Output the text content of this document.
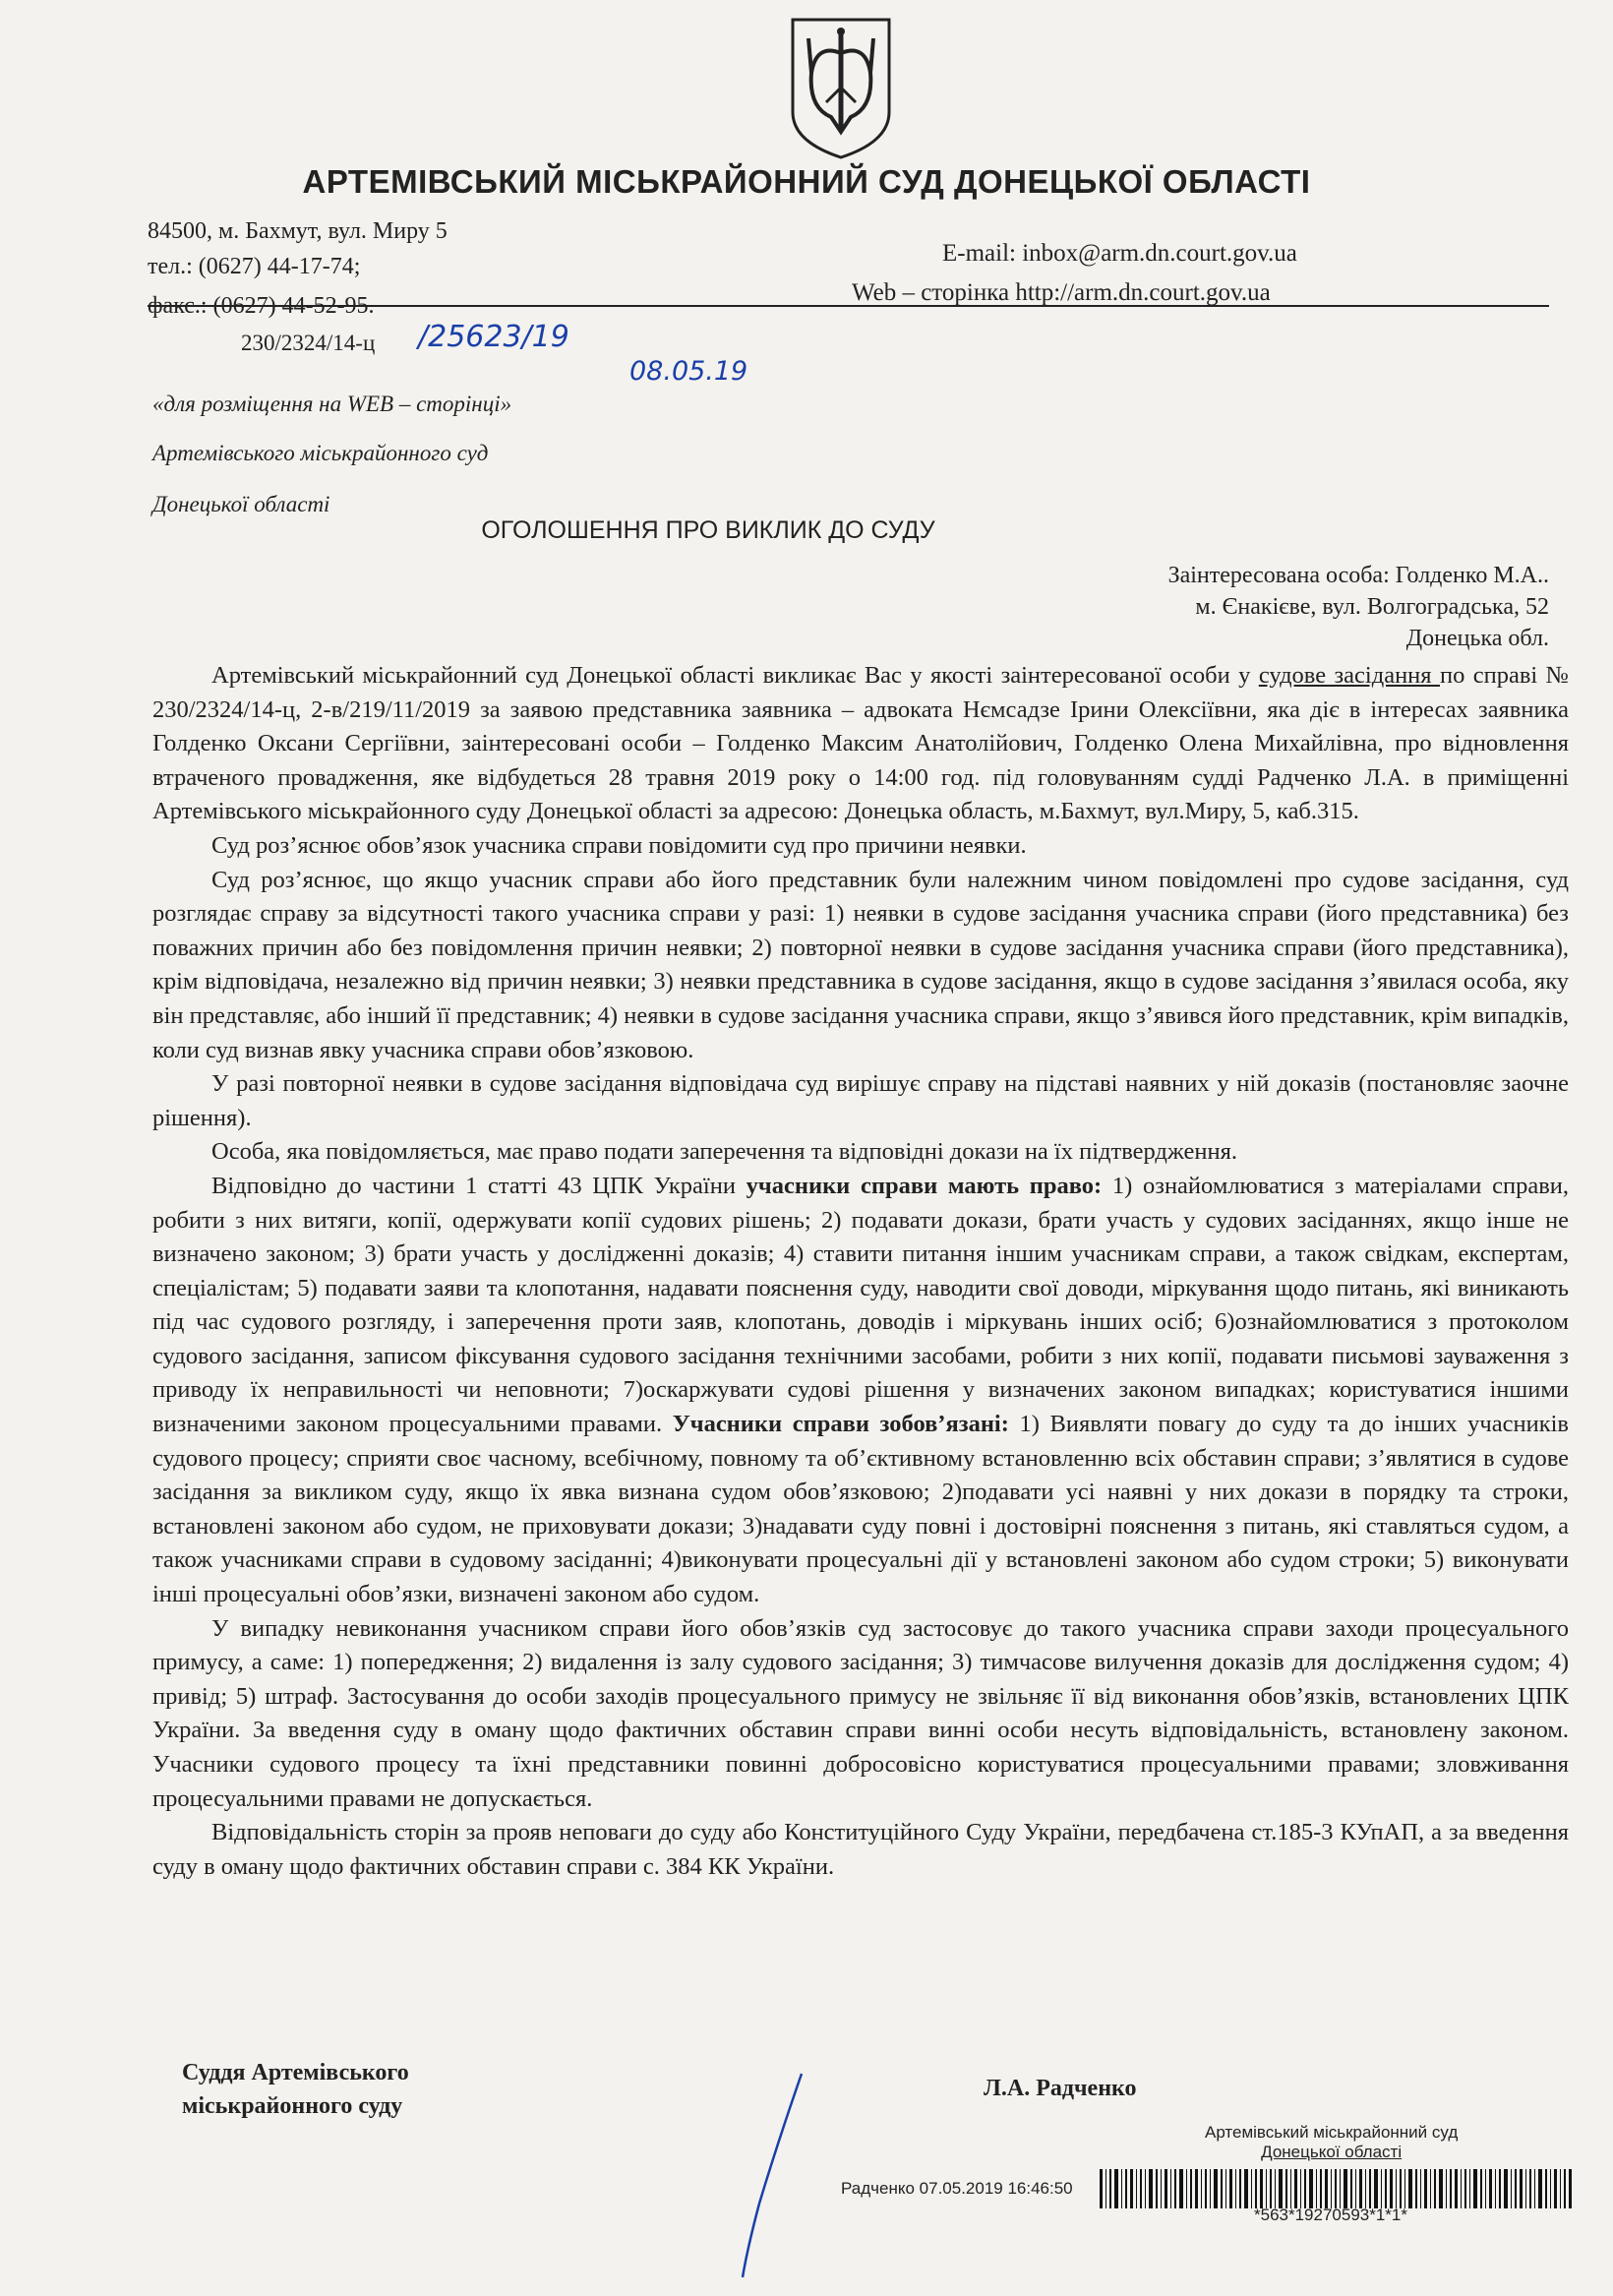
АРТЕМІВСЬКИЙ МІСЬКРАЙОННИЙ СУД ДОНЕЦЬКОЇ ОБЛАСТІ
84500, м. Бахмут, вул. Миру 5
тел.: (0627) 44-17-74;
факс.: (0627) 44-52-95.
E-mail: inbox@arm.dn.court.gov.ua
Web – сторінка http://arm.dn.court.gov.ua
230/2324/14-ц /25623/19
08.05.19
«для розміщення на WEB – сторінці»
Артемівського міськрайонного суд
Донецької області
ОГОЛОШЕННЯ ПРО ВИКЛИК ДО СУДУ
Заінтересована особа: Голденко М.А..
м. Єнакієве, вул. Волгоградська, 52
Донецька обл.

Артемівський міськрайонний суд Донецької області викликає Вас у якості заінтересованої особи у судове засідання по справі № 230/2324/14-ц, 2-в/219/11/2019 за заявою представника заявника – адвоката Нємсадзе Ірини Олексіївни, яка діє в інтересах заявника Голденко Оксани Сергіївни, заінтересовані особи – Голденко Максим Анатолійович, Голденко Олена Михайлівна, про відновлення втраченого провадження, яке відбудеться 28 травня 2019 року о 14:00 год. під головуванням судді Радченко Л.А. в приміщенні Артемівського міськрайонного суду Донецької області за адресою: Донецька область, м.Бахмут, вул.Миру, 5, каб.315.

Суд роз’яснює обов’язок учасника справи повідомити суд про причини неявки.

Суд роз’яснює, що якщо учасник справи або його представник були належним чином повідомлені про судове засідання, суд розглядає справу за відсутності такого учасника справи у разі: 1) неявки в судове засідання учасника справи (його представника) без поважних причин або без повідомлення причин неявки; 2) повторної неявки в судове засідання учасника справи (його представника), крім відповідача, незалежно від причин неявки; 3) неявки представника в судове засідання, якщо в судове засідання з’явилася особа, яку він представляє, або інший її представник; 4) неявки в судове засідання учасника справи, якщо з’явився його представник, крім випадків, коли суд визнав явку учасника справи обов’язковою.

У разі повторної неявки в судове засідання відповідача суд вирішує справу на підставі наявних у ній доказів (постановляє заочне рішення).

Особа, яка повідомляється, має право подати заперечення та відповідні докази на їх підтвердження.

Відповідно до частини 1 статті 43 ЦПК України учасники справи мають право: 1) ознайомлюватися з матеріалами справи, робити з них витяги, копії, одержувати копії судових рішень; 2) подавати докази, брати участь у судових засіданнях, якщо інше не визначено законом; 3) брати участь у дослідженні доказів; 4) ставити питання іншим учасникам справи, а також свідкам, експертам, спеціалістам; 5) подавати заяви та клопотання, надавати пояснення суду, наводити свої доводи, міркування щодо питань, які виникають під час судового розгляду, і заперечення проти заяв, клопотань, доводів і міркувань інших осіб; 6)ознайомлюватися з протоколом судового засідання, записом фіксування судового засідання технічними засобами, робити з них копії, подавати письмові зауваження з приводу їх неправильності чи неповноти; 7)оскаржувати судові рішення у визначених законом випадках; користуватися іншими визначеними законом процесуальними правами. Учасники справи зобов’язані: 1) Виявляти повагу до суду та до інших учасників судового процесу; сприяти своє часному, всебічному, повному та об’єктивному встановленню всіх обставин справи; з’являтися в судове засідання за викликом суду, якщо їх явка визнана судом обов’язковою; 2)подавати усі наявні у них докази в порядку та строки, встановлені законом або судом, не приховувати докази; 3)надавати суду повні і достовірні пояснення з питань, які ставляться судом, а також учасниками справи в судовому засіданні; 4)виконувати процесуальні дії у встановлені законом або судом строки; 5) виконувати інші процесуальні обов’язки, визначені законом або судом.

У випадку невиконання учасником справи його обов’язків суд застосовує до такого учасника справи заходи процесуального примусу, а саме: 1) попередження; 2) видалення із залу судового засідання; 3) тимчасове вилучення доказів для дослідження судом; 4) привід; 5) штраф. Застосування до особи заходів процесуального примусу не звільняє її від виконання обов’язків, встановлених ЦПК України. За введення суду в оману щодо фактичних обставин справи винні особи несуть відповідальність, встановлену законом. Учасники судового процесу та їхні представники повинні добросовісно користуватися процесуальними правами; зловживання процесуальними правами не допускається.

Відповідальність сторін за прояв неповаги до суду або Конституційного Суду України, передбачена ст.185-3 КУпАП, а за введення суду в оману щодо фактичних обставин справи с. 384 КК України.

Суддя Артемівського
міськрайонного суду
Л.А. Радченко
Артемівський міськрайонний суд
Донецької області
Радченко 07.05.2019 16:46:50
*563*19270593*1*1*
